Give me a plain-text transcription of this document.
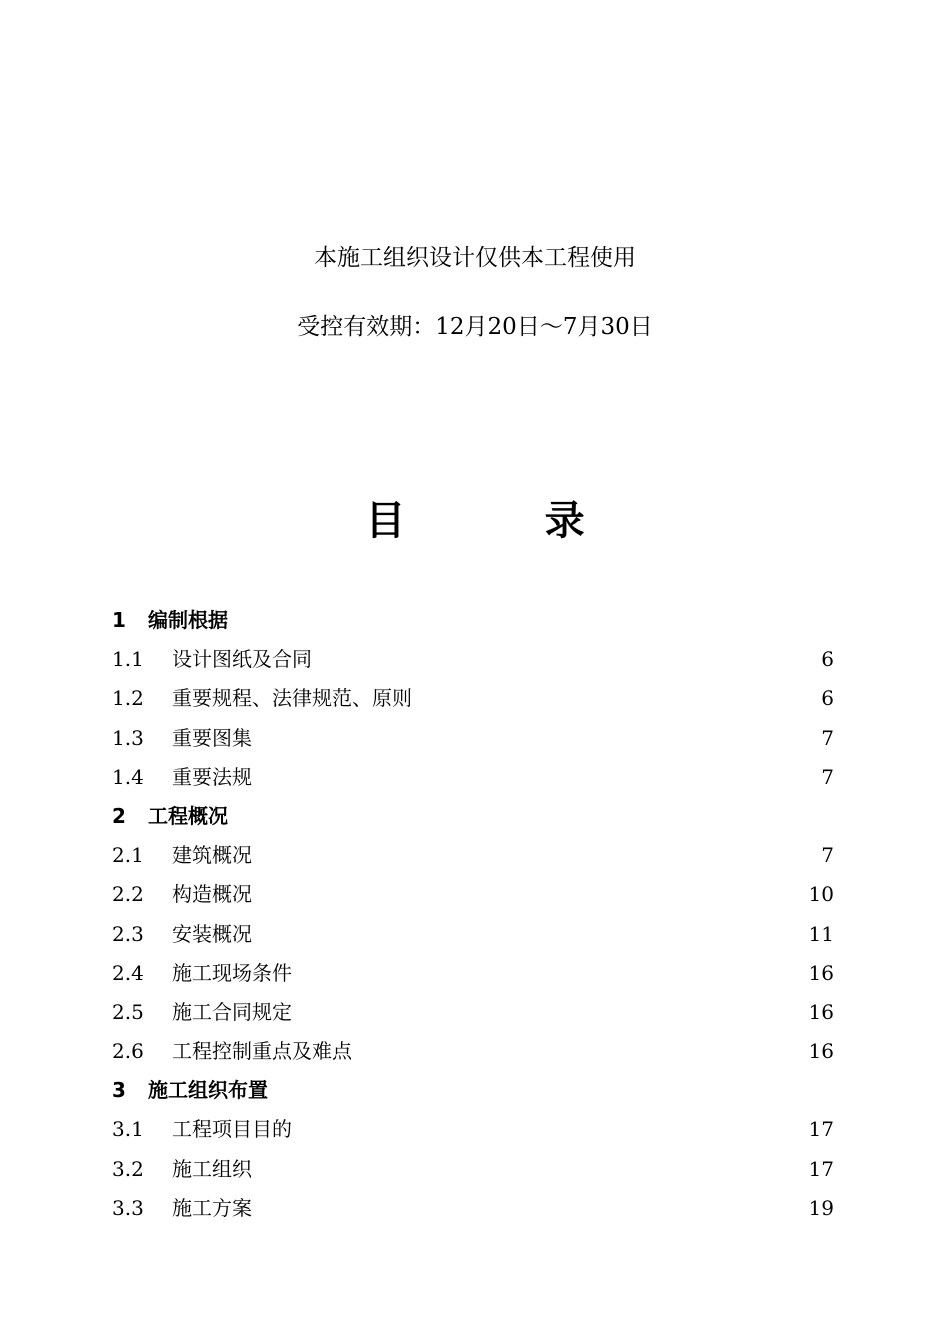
本施工组织设计仅供本工程使用
受控有效期：12月20日～7月30日
目          录
1 编制根据
1.1 设计图纸及合同	6
1.2 重要规程、法律规范、原则	6
1.3 重要图集	7
1.4 重要法规	7
2 工程概况
2.1 建筑概况	7
2.2 构造概况	10
2.3 安装概况	11
2.4 施工现场条件	16
2.5 施工合同规定	16
2.6 工程控制重点及难点	16
3 施工组织布置
3.1 工程项目目的	17
3.2 施工组织	17
3.3 施工方案	19
